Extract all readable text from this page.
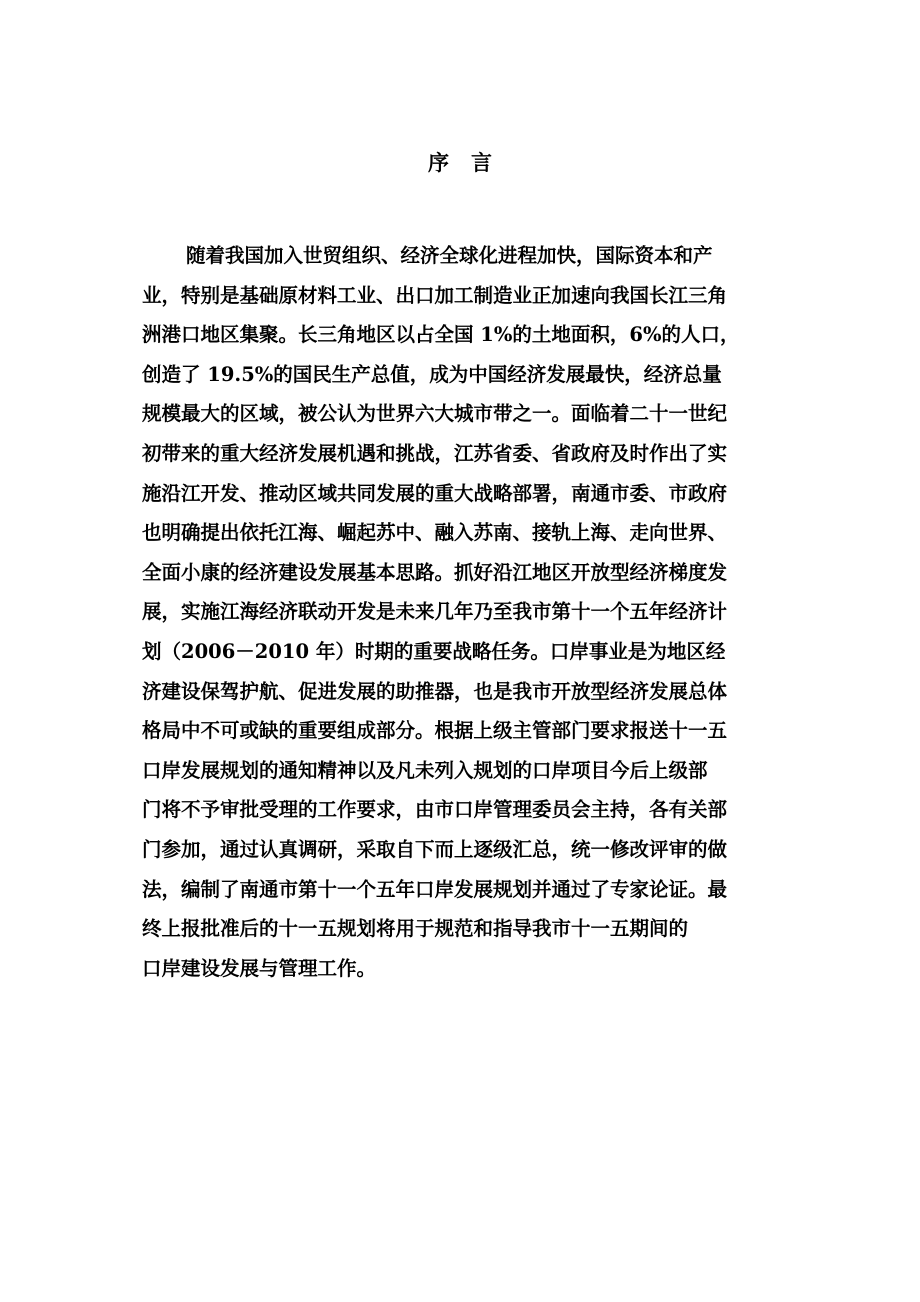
序 言
随着我国加入世贸组织、经济全球化进程加快，国际资本和产
业，特别是基础原材料工业、出口加工制造业正加速向我国长江三角
洲港口地区集聚。长三角地区以占全国 1%的土地面积，6%的人口，
创造了 19.5%的国民生产总值，成为中国经济发展最快，经济总量
规模最大的区域，被公认为世界六大城市带之一。面临着二十一世纪
初带来的重大经济发展机遇和挑战，江苏省委、省政府及时作出了实
施沿江开发、推动区域共同发展的重大战略部署，南通市委、市政府
也明确提出依托江海、崛起苏中、融入苏南、接轨上海、走向世界、
全面小康的经济建设发展基本思路。抓好沿江地区开放型经济梯度发
展，实施江海经济联动开发是未来几年乃至我市第十一个五年经济计
划（2006－2010 年）时期的重要战略任务。口岸事业是为地区经
济建设保驾护航、促进发展的助推器，也是我市开放型经济发展总体
格局中不可或缺的重要组成部分。根据上级主管部门要求报送十一五
口岸发展规划的通知精神以及凡未列入规划的口岸项目今后上级部
门将不予审批受理的工作要求，由市口岸管理委员会主持，各有关部
门参加，通过认真调研，采取自下而上逐级汇总，统一修改评审的做
法，编制了南通市第十一个五年口岸发展规划并通过了专家论证。最
终上报批准后的十一五规划将用于规范和指导我市十一五期间的
口岸建设发展与管理工作。
